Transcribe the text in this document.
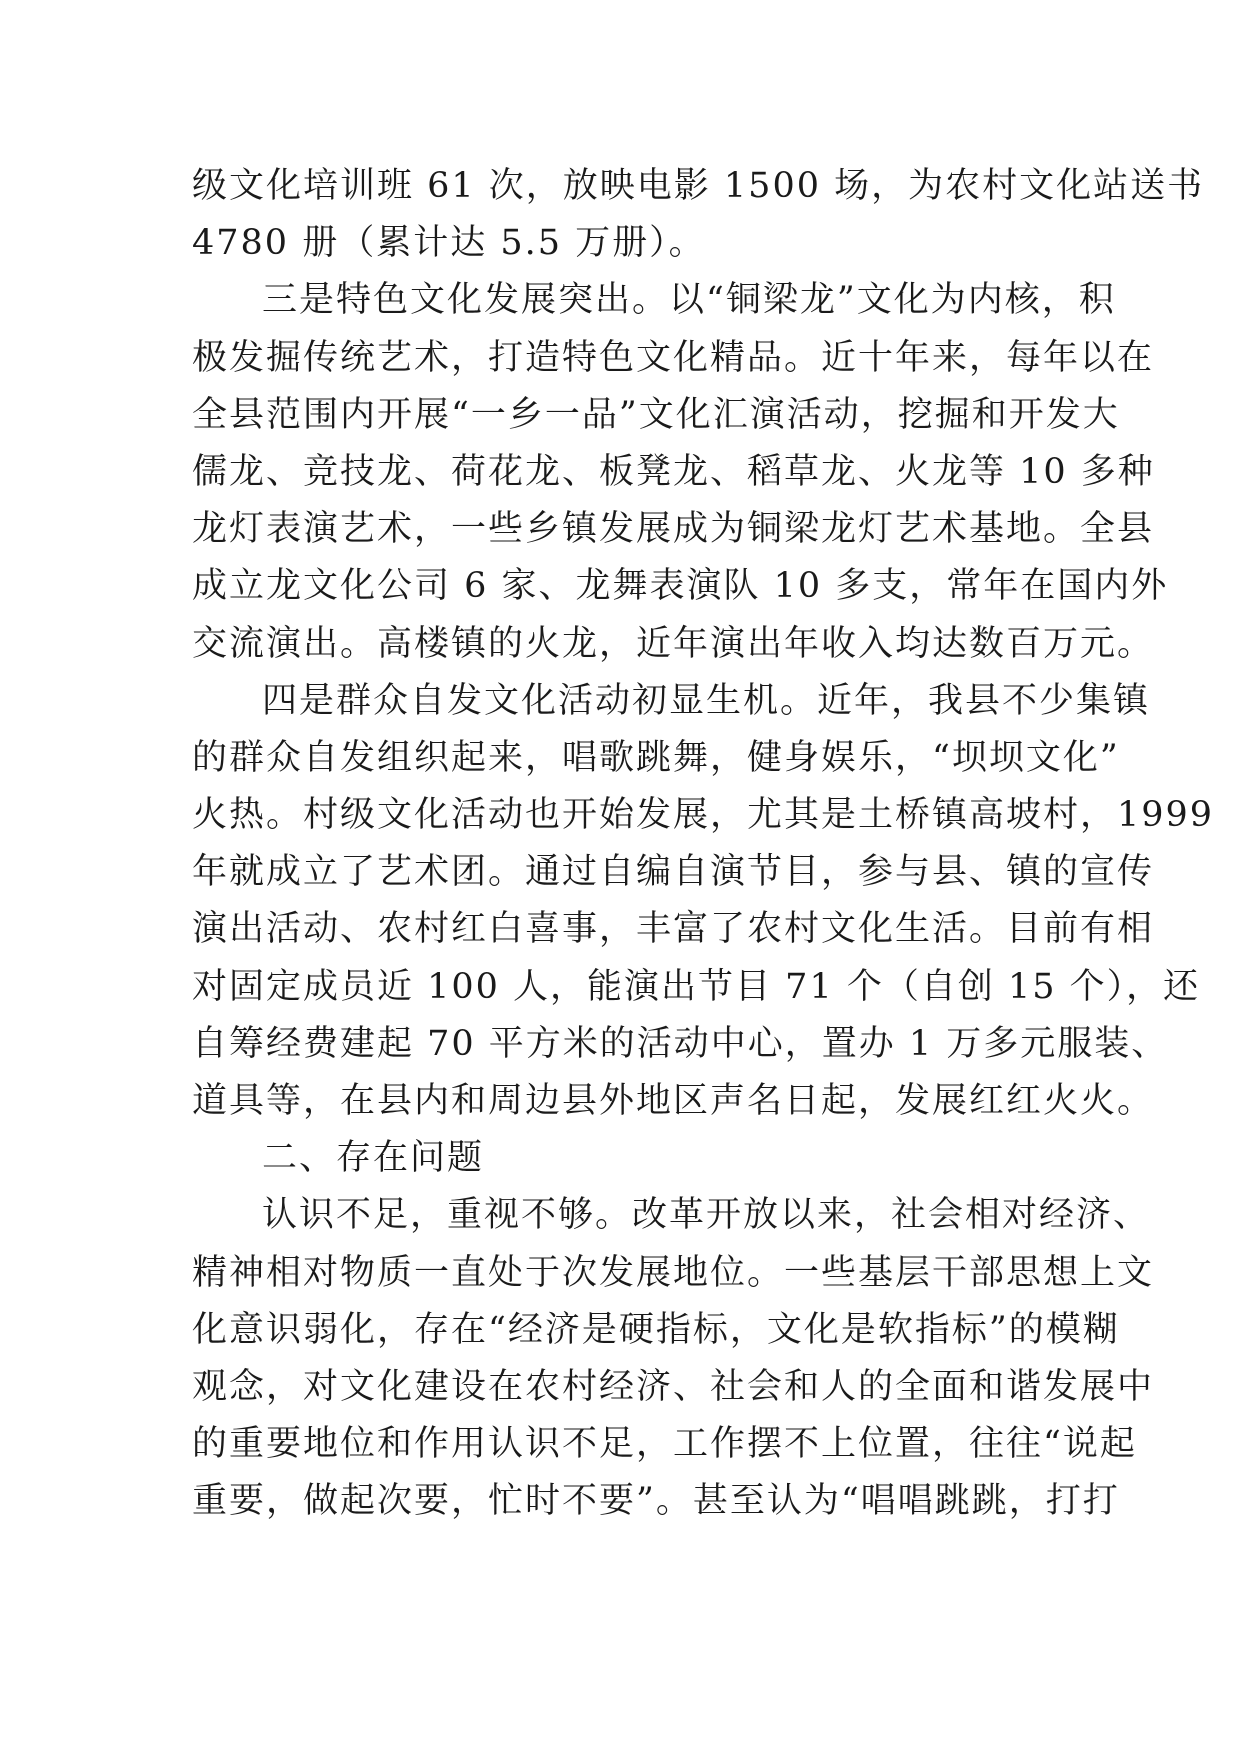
级文化培训班 61 次，放映电影 1500 场，为农村文化站送书
4780 册（累计达 5.5 万册）。
三是特色文化发展突出。以“铜梁龙”文化为内核，积
极发掘传统艺术，打造特色文化精品。近十年来，每年以在
全县范围内开展“一乡一品”文化汇演活动，挖掘和开发大
儒龙、竞技龙、荷花龙、板凳龙、稻草龙、火龙等 10 多种
龙灯表演艺术，一些乡镇发展成为铜梁龙灯艺术基地。全县
成立龙文化公司 6 家、龙舞表演队 10 多支，常年在国内外
交流演出。高楼镇的火龙，近年演出年收入均达数百万元。
四是群众自发文化活动初显生机。近年，我县不少集镇
的群众自发组织起来，唱歌跳舞，健身娱乐，“坝坝文化”
火热。村级文化活动也开始发展，尤其是土桥镇高坡村，1999
年就成立了艺术团。通过自编自演节目，参与县、镇的宣传
演出活动、农村红白喜事，丰富了农村文化生活。目前有相
对固定成员近 100 人，能演出节目 71 个（自创 15 个），还
自筹经费建起 70 平方米的活动中心，置办 1 万多元服装、
道具等，在县内和周边县外地区声名日起，发展红红火火。
二、存在问题
认识不足，重视不够。改革开放以来，社会相对经济、
精神相对物质一直处于次发展地位。一些基层干部思想上文
化意识弱化，存在“经济是硬指标，文化是软指标”的模糊
观念，对文化建设在农村经济、社会和人的全面和谐发展中
的重要地位和作用认识不足，工作摆不上位置，往往“说起
重要，做起次要，忙时不要”。甚至认为“唱唱跳跳，打打
